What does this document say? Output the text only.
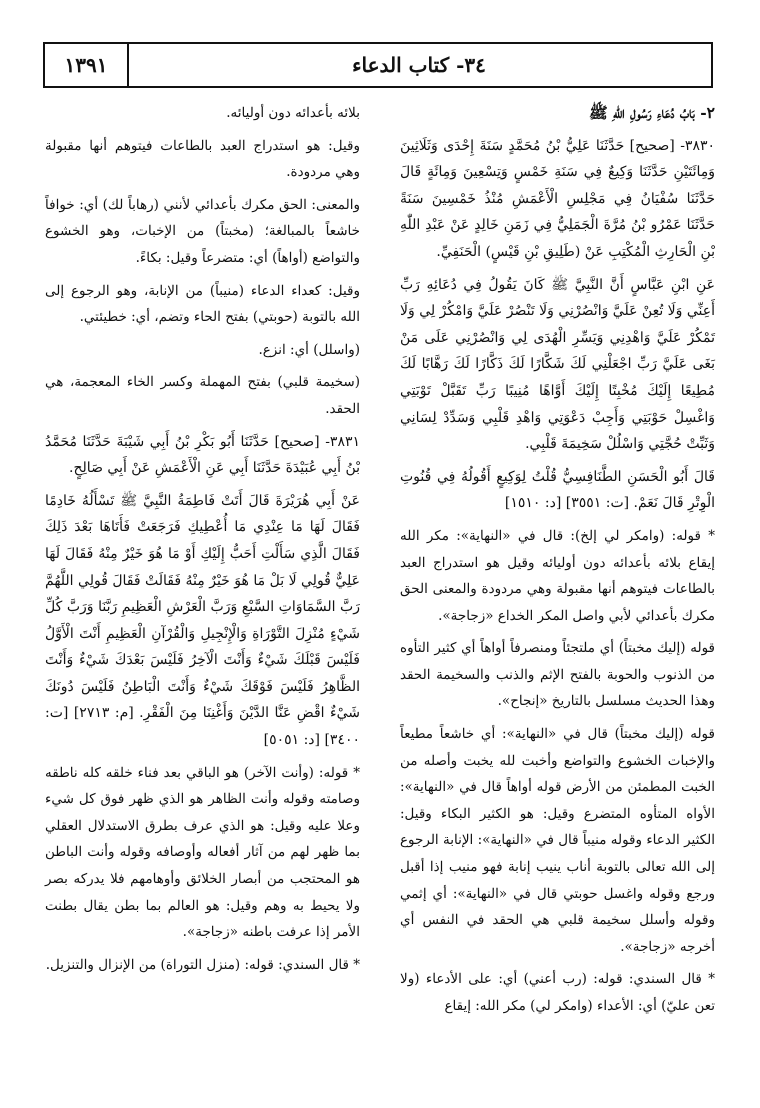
١٣٩١	٣٤- كتاب الدعاء

٢- بَابُ دُعَاءِ رَسُولِ اللّٰهِ ﷺ

٣٨٣٠- [صحيح] حَدَّثَنَا عَلِيُّ بْنُ مُحَمَّدٍ سَنَةَ إِحْدَى وَثَلَاثِينَ وَمِائَتَيْنِ حَدَّثَنَا وَكِيعٌ فِي سَنَةِ خَمْسٍ وَتِسْعِينَ وَمِائَةٍ قَالَ حَدَّثَنَا سُفْيَانُ فِي مَجْلِسِ الْأَعْمَشِ مُنْذُ خَمْسِينَ سَنَةً حَدَّثَنَا عَمْرُو بْنُ مُرَّةَ الْجَمَلِيُّ فِي زَمَنِ خَالِدٍ عَنْ عَبْدِ اللّٰهِ بْنِ الْحَارِثِ الْمُكْتِبِ عَنْ (طَلِيقِ بْنِ قَيْسٍ) الْحَنَفِيِّ.

عَنِ ابْنِ عَبَّاسٍ أَنَّ النَّبِيَّ ﷺ كَانَ يَقُولُ فِي دُعَائِهِ رَبِّ أَعِنِّي وَلَا تُعِنْ عَلَيَّ وَانْصُرْنِي وَلَا تَنْصُرْ عَلَيَّ وَامْكُرْ لِي وَلَا تَمْكُرْ عَلَيَّ وَاهْدِنِي وَيَسِّرِ الْهُدَى لِي وَانْصُرْنِي عَلَى مَنْ بَغَى عَلَيَّ رَبِّ اجْعَلْنِي لَكَ شَكَّارًا لَكَ ذَكَّارًا لَكَ رَهَّابًا لَكَ مُطِيعًا إِلَيْكَ مُخْبِتًا إِلَيْكَ أَوَّاهًا مُنِيبًا رَبِّ تَقَبَّلْ تَوْبَتِي وَاغْسِلْ حَوْبَتِي وَأَجِبْ دَعْوَتِي وَاهْدِ قَلْبِي وَسَدِّدْ لِسَانِي وَثَبِّتْ حُجَّتِي وَاسْلُلْ سَخِيمَةَ قَلْبِي.

قَالَ أَبُو الْحَسَنِ الطَّنَافِسِيُّ قُلْتُ لِوَكِيعٍ أَقُولُهُ فِي قُنُوتِ الْوِتْرِ قَالَ نَعَمْ. [ت: ٣٥٥١] [د: ١٥١٠]

* قوله: (وامكر لي إلخ): قال في «النهاية»: مكر الله إيقاع بلائه بأعدائه دون أوليائه وقيل هو استدراج العبد بالطاعات فيتوهم أنها مقبولة وهي مردودة والمعنى الحق مكرك بأعدائي لأبي واصل المكر الخداع «زجاجة».

قوله (إليك مخبتاً) أي ملتجئاً ومنصرفاً أواهاً أي كثير التأوه من الذنوب والحوبة بالفتح الإثم والذنب والسخيمة الحقد وهذا الحديث مسلسل بالتاريخ «إنجاح».

قوله (إليك مخبتاً) قال في «النهاية»: أي خاشعاً مطيعاً والإخبات الخشوع والتواضع وأخبت لله يخبت وأصله من الخبت المطمئن من الأرض قوله أواهاً قال في «النهاية»: الأواه المتأوه المتضرع وقيل: هو الكثير البكاء وقيل: الكثير الدعاء وقوله منيباً قال في «النهاية»: الإنابة الرجوع إلى الله تعالى بالتوبة أناب ينيب إنابة فهو منيب إذا أقبل ورجع وقوله واغسل حوبتي قال في «النهاية»: أي إثمي وقوله وأسلل سخيمة قلبي هي الحقد في النفس أي أخرجه «زجاجة».

* قال السندي: قوله: (رب أعني) أي: على الأدعاء (ولا تعن عليّ) أي: الأعداء (وامكر لي) مكر الله: إيقاع

بلائه بأعدائه دون أوليائه.

وقيل: هو استدراج العبد بالطاعات فيتوهم أنها مقبولة وهي مردودة.

والمعنى: الحق مكرك بأعدائي لأنني (رهاباً لك) أي: خوافاً خاشعاً بالمبالغة؛ (مخبتاً) من الإخبات، وهو الخشوع والتواضع (أواهاً) أي: متضرعاً وقيل: بكاءً.

وقيل: كعداء الدعاء (منيباً) من الإنابة، وهو الرجوع إلى الله بالتوبة (حوبتي) بفتح الحاء وتضم، أي: خطيئتي.

(واسلل) أي: انزع.

(سخيمة قلبي) بفتح المهملة وكسر الخاء المعجمة، هي الحقد.

٣٨٣١- [صحيح] حَدَّثَنَا أَبُو بَكْرِ بْنُ أَبِي شَيْبَةَ حَدَّثَنَا مُحَمَّدُ بْنُ أَبِي عُبَيْدَةَ حَدَّثَنَا أَبِي عَنِ الْأَعْمَشِ عَنْ أَبِي صَالِحٍ.

عَنْ أَبِي هُرَيْرَةَ قَالَ أَتَتْ فَاطِمَةُ النَّبِيَّ ﷺ تَسْأَلُهُ خَادِمًا فَقَالَ لَهَا مَا عِنْدِي مَا أُعْطِيكِ فَرَجَعَتْ فَأَتَاهَا بَعْدَ ذَلِكَ فَقَالَ الَّذِي سَأَلْتِ أَحَبُّ إِلَيْكِ أَوْ مَا هُوَ خَيْرٌ مِنْهُ فَقَالَ لَهَا عَلِيٌّ قُولِي لَا بَلْ مَا هُوَ خَيْرٌ مِنْهُ فَقَالَتْ فَقَالَ قُولِي اللَّهُمَّ رَبَّ السَّمَاوَاتِ السَّبْعِ وَرَبَّ الْعَرْشِ الْعَظِيمِ رَبَّنَا وَرَبَّ كُلِّ شَيْءٍ مُنْزِلَ التَّوْرَاةِ وَالْإِنْجِيلِ وَالْقُرْآنِ الْعَظِيمِ أَنْتَ الْأَوَّلُ فَلَيْسَ قَبْلَكَ شَيْءٌ وَأَنْتَ الْآخِرُ فَلَيْسَ بَعْدَكَ شَيْءٌ وَأَنْتَ الظَّاهِرُ فَلَيْسَ فَوْقَكَ شَيْءٌ وَأَنْتَ الْبَاطِنُ فَلَيْسَ دُونَكَ شَيْءٌ اقْضِ عَنَّا الدَّيْنَ وَأَغْنِنَا مِنَ الْفَقْرِ. [م: ٢٧١٣] [ت: ٣٤٠٠] [د: ٥٠٥١]

* قوله: (وأنت الآخر) هو الباقي بعد فناء خلقه كله ناطقه وصامته وقوله وأنت الظاهر هو الذي ظهر فوق كل شيء وعلا عليه وقيل: هو الذي عرف بطرق الاستدلال العقلي بما ظهر لهم من آثار أفعاله وأوصافه وقوله وأنت الباطن هو المحتجب من أبصار الخلائق وأوهامهم فلا يدركه بصر ولا يحيط به وهم وقيل: هو العالم بما بطن يقال بطنت الأمر إذا عرفت باطنه «زجاجة».

* قال السندي: قوله: (منزل التوراة) من الإنزال والتنزيل.
